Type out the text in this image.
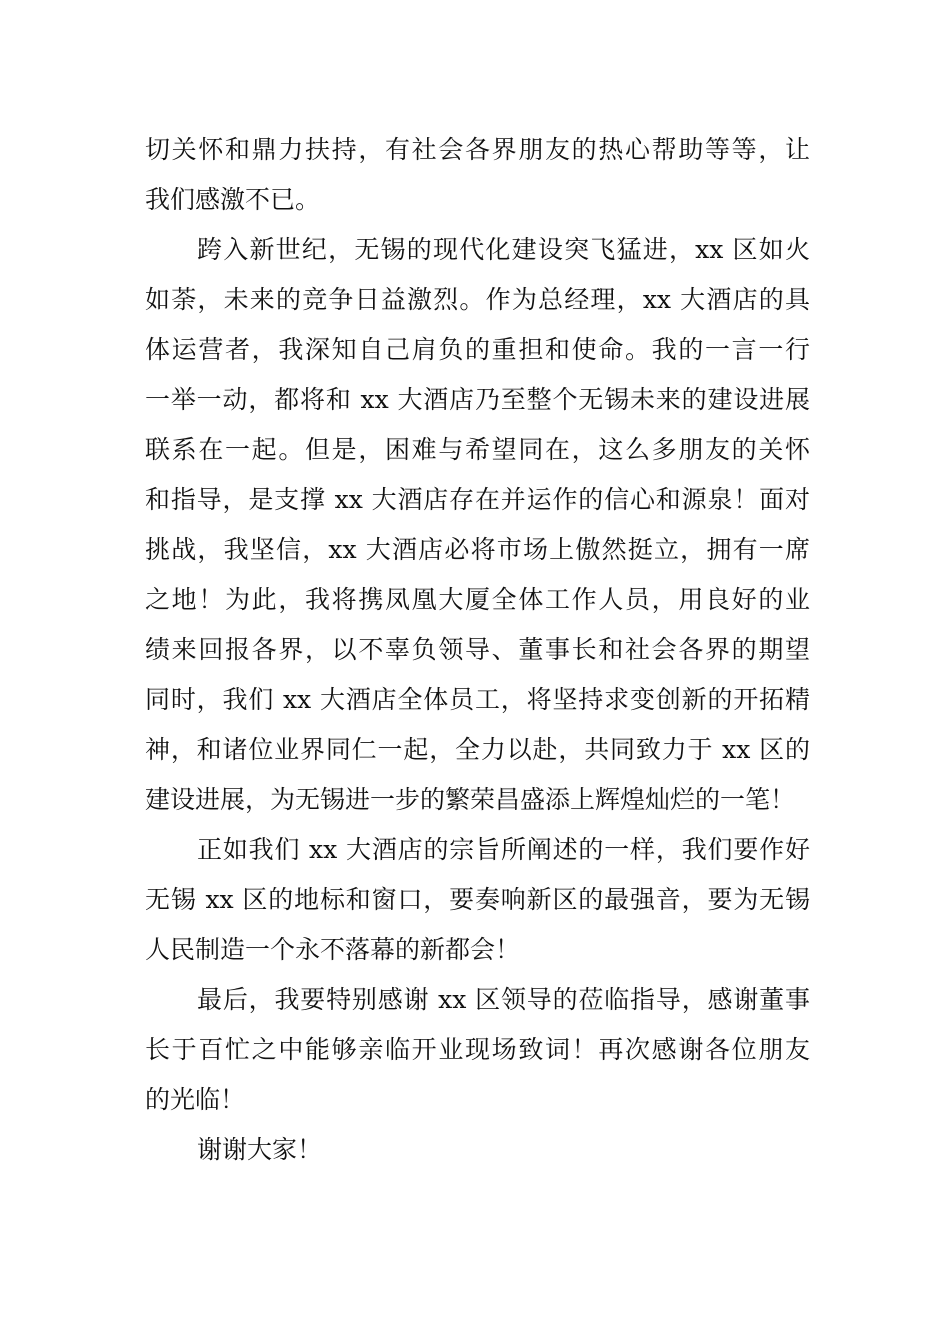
切关怀和鼎力扶持，有社会各界朋友的热心帮助等等，让
我们感激不已。
跨入新世纪，无锡的现代化建设突飞猛进，xx 区如火
如荼，未来的竞争日益激烈。作为总经理，xx 大酒店的具
体运营者，我深知自己肩负的重担和使命。我的一言一行
一举一动，都将和 xx 大酒店乃至整个无锡未来的建设进展
联系在一起。但是，困难与希望同在，这么多朋友的关怀
和指导，是支撑 xx 大酒店存在并运作的信心和源泉！面对
挑战，我坚信，xx 大酒店必将市场上傲然挺立，拥有一席
之地！为此，我将携凤凰大厦全体工作人员，用良好的业
绩来回报各界，以不辜负领导、董事长和社会各界的期望
同时，我们 xx 大酒店全体员工，将坚持求变创新的开拓精
神，和诸位业界同仁一起，全力以赴，共同致力于 xx 区的
建设进展，为无锡进一步的繁荣昌盛添上辉煌灿烂的一笔！
正如我们 xx 大酒店的宗旨所阐述的一样，我们要作好
无锡 xx 区的地标和窗口，要奏响新区的最强音，要为无锡
人民制造一个永不落幕的新都会！
最后，我要特别感谢 xx 区领导的莅临指导，感谢董事
长于百忙之中能够亲临开业现场致词！再次感谢各位朋友
的光临！
谢谢大家！
